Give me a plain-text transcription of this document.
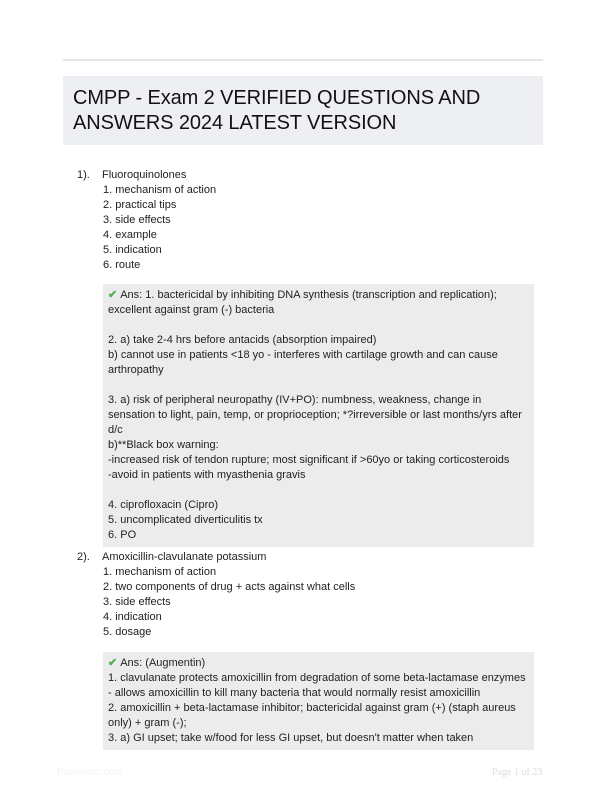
CMPP - Exam 2 VERIFIED QUESTIONS AND ANSWERS 2024 LATEST VERSION
1). Fluoroquinolones
1. mechanism of action
2. practical tips
3. side effects
4. example
5. indication
6. route

✔ Ans: 1. bactericidal by inhibiting DNA synthesis (transcription and replication); excellent against gram (-) bacteria

2. a) take 2-4 hrs before antacids (absorption impaired)

b) cannot use in patients <18 yo - interferes with cartilage growth and can cause arthropathy

3. a) risk of peripheral neuropathy (IV+PO): numbness, weakness, change in sensation to light, pain, temp, or proprioception; *?irreversible or last months/yrs after d/c

b)**Black box warning:

-increased risk of tendon rupture; most significant if >60yo or taking corticosteroids

-avoid in patients with myasthenia gravis

4. ciprofloxacin (Cipro)

5. uncomplicated diverticulitis tx

6. PO

2). Amoxicillin-clavulanate potassium
1. mechanism of action
2. two components of drug + acts against what cells
3. side effects
4. indication
5. dosage

✔ Ans: (Augmentin)

1. clavulanate protects amoxicillin from degradation of some beta-lactamase enzymes - allows amoxicillin to kill many bacteria that would normally resist amoxicillin

2. amoxicillin + beta-lactamase inhibitor; bactericidal against gram (+) (staph aureus only) + gram (-);

3. a) GI upset; take w/food for less GI upset, but doesn't matter when taken

Paperlibic.com	Page 1 of 23
